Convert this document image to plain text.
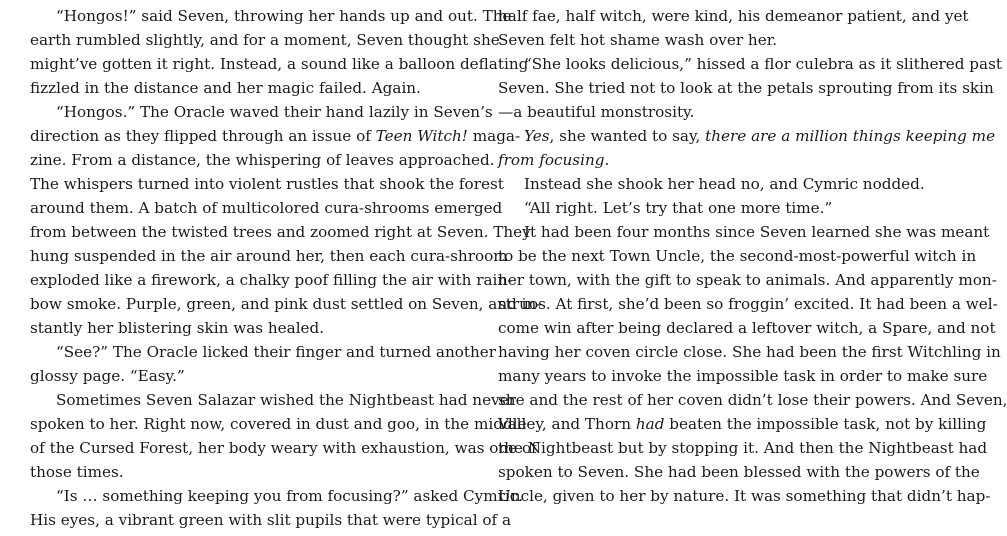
“Hongos!” said Seven, throwing her hands up and out. The
earth rumbled slightly, and for a moment, Seven thought she
might’ve gotten it right. Instead, a sound like a balloon deflating
fizzled in the distance and her magic failed. Again.
“Hongos.” The Oracle waved their hand lazily in Seven’s
direction as they flipped through an issue of Teen Witch! maga-
zine. From a distance, the whispering of leaves approached.
The whispers turned into violent rustles that shook the forest
around them. A batch of multicolored cura-shrooms emerged
from between the twisted trees and zoomed right at Seven. They
hung suspended in the air around her, then each cura-shroom
exploded like a firework, a chalky poof filling the air with rain-
bow smoke. Purple, green, and pink dust settled on Seven, and in-
stantly her blistering skin was healed.
“See?” The Oracle licked their finger and turned another
glossy page. “Easy.”
Sometimes Seven Salazar wished the Nightbeast had never
spoken to her. Right now, covered in dust and goo, in the middle
of the Cursed Forest, her body weary with exhaustion, was one of
those times.
“Is … something keeping you from focusing?” asked Cymric.
His eyes, a vibrant green with slit pupils that were typical of a
half fae, half witch, were kind, his demeanor patient, and yet
Seven felt hot shame wash over her.
“She looks delicious,” hissed a flor culebra as it slithered past
Seven. She tried not to look at the petals sprouting from its skin
—a beautiful monstrosity.
Yes, she wanted to say, there are a million things keeping me
from focusing.
Instead she shook her head no, and Cymric nodded.
“All right. Let’s try that one more time.”
It had been four months since Seven learned she was meant
to be the next Town Uncle, the second-most-powerful witch in
her town, with the gift to speak to animals. And apparently mon-
struos. At first, she’d been so froggin’ excited. It had been a wel-
come win after being declared a leftover witch, a Spare, and not
having her coven circle close. She had been the first Witchling in
many years to invoke the impossible task in order to make sure
she and the rest of her coven didn’t lose their powers. And Seven,
Valley, and Thorn had beaten the impossible task, not by killing
the Nightbeast but by stopping it. And then the Nightbeast had
spoken to Seven. She had been blessed with the powers of the
Uncle, given to her by nature. It was something that didn’t hap-
